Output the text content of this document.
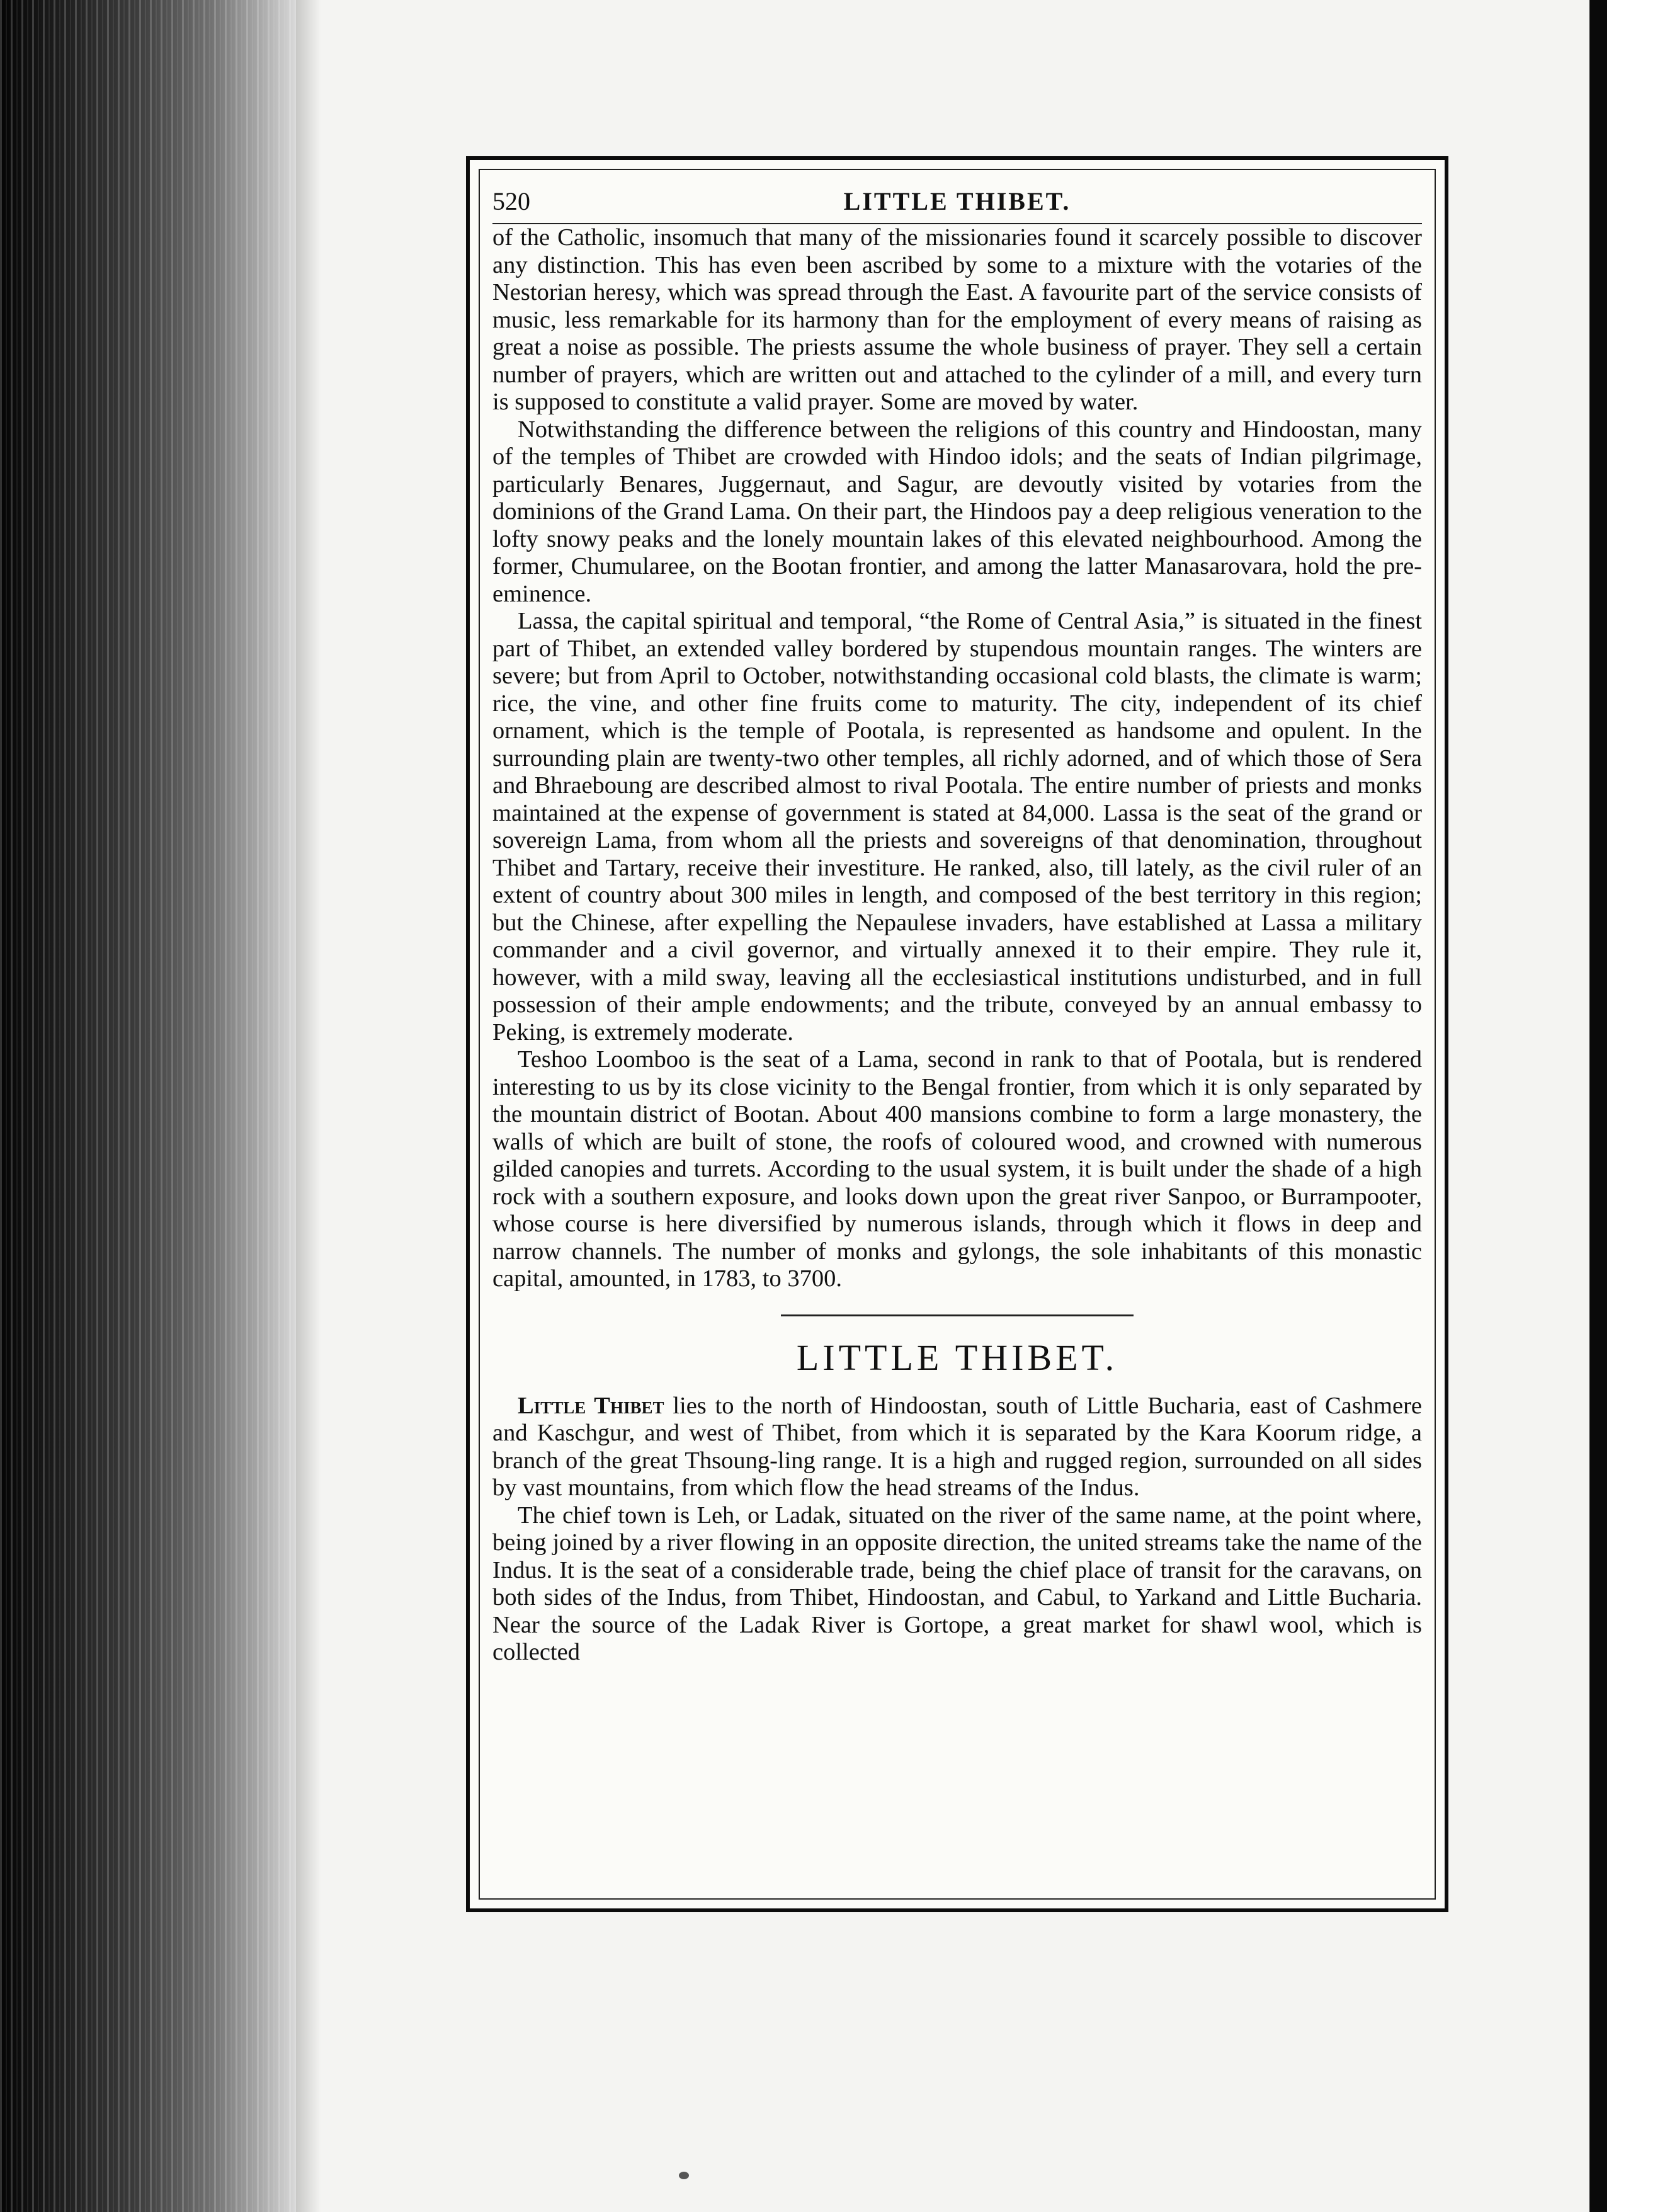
520	LITTLE THIBET.

of the Catholic, insomuch that many of the missionaries found it scarcely possible to discover any distinction. This has even been ascribed by some to a mixture with the votaries of the Nestorian heresy, which was spread through the East. A favourite part of the service consists of music, less remarkable for its harmony than for the employment of every means of raising as great a noise as possible. The priests assume the whole business of prayer. They sell a certain number of prayers, which are written out and attached to the cylinder of a mill, and every turn is supposed to constitute a valid prayer. Some are moved by water.

Notwithstanding the difference between the religions of this country and Hindoostan, many of the temples of Thibet are crowded with Hindoo idols; and the seats of Indian pilgrimage, particularly Benares, Juggernaut, and Sagur, are devoutly visited by votaries from the dominions of the Grand Lama. On their part, the Hindoos pay a deep religious veneration to the lofty snowy peaks and the lonely mountain lakes of this elevated neighbourhood. Among the former, Chumularee, on the Bootan frontier, and among the latter Manasarovara, hold the pre-eminence.

Lassa, the capital spiritual and temporal, “the Rome of Central Asia,” is situated in the finest part of Thibet, an extended valley bordered by stupendous mountain ranges. The winters are severe; but from April to October, notwithstanding occasional cold blasts, the climate is warm; rice, the vine, and other fine fruits come to maturity. The city, independent of its chief ornament, which is the temple of Pootala, is represented as handsome and opulent. In the surrounding plain are twenty-two other temples, all richly adorned, and of which those of Sera and Bhraeboung are described almost to rival Pootala. The entire number of priests and monks maintained at the expense of government is stated at 84,000. Lassa is the seat of the grand or sovereign Lama, from whom all the priests and sovereigns of that denomination, throughout Thibet and Tartary, receive their investiture. He ranked, also, till lately, as the civil ruler of an extent of country about 300 miles in length, and composed of the best territory in this region; but the Chinese, after expelling the Nepaulese invaders, have established at Lassa a military commander and a civil governor, and virtually annexed it to their empire. They rule it, however, with a mild sway, leaving all the ecclesiastical institutions undisturbed, and in full possession of their ample endowments; and the tribute, conveyed by an annual embassy to Peking, is extremely moderate.

Teshoo Loomboo is the seat of a Lama, second in rank to that of Pootala, but is rendered interesting to us by its close vicinity to the Bengal frontier, from which it is only separated by the mountain district of Bootan. About 400 mansions combine to form a large monastery, the walls of which are built of stone, the roofs of coloured wood, and crowned with numerous gilded canopies and turrets. According to the usual system, it is built under the shade of a high rock with a southern exposure, and looks down upon the great river Sanpoo, or Burrampooter, whose course is here diversified by numerous islands, through which it flows in deep and narrow channels. The number of monks and gylongs, the sole inhabitants of this monastic capital, amounted, in 1783, to 3700.

LITTLE THIBET.

Little Thibet lies to the north of Hindoostan, south of Little Bucharia, east of Cashmere and Kaschgur, and west of Thibet, from which it is separated by the Kara Koorum ridge, a branch of the great Thsoung-ling range. It is a high and rugged region, surrounded on all sides by vast mountains, from which flow the head streams of the Indus.

The chief town is Leh, or Ladak, situated on the river of the same name, at the point where, being joined by a river flowing in an opposite direction, the united streams take the name of the Indus. It is the seat of a considerable trade, being the chief place of transit for the caravans, on both sides of the Indus, from Thibet, Hindoostan, and Cabul, to Yarkand and Little Bucharia. Near the source of the Ladak River is Gortope, a great market for shawl wool, which is collected
